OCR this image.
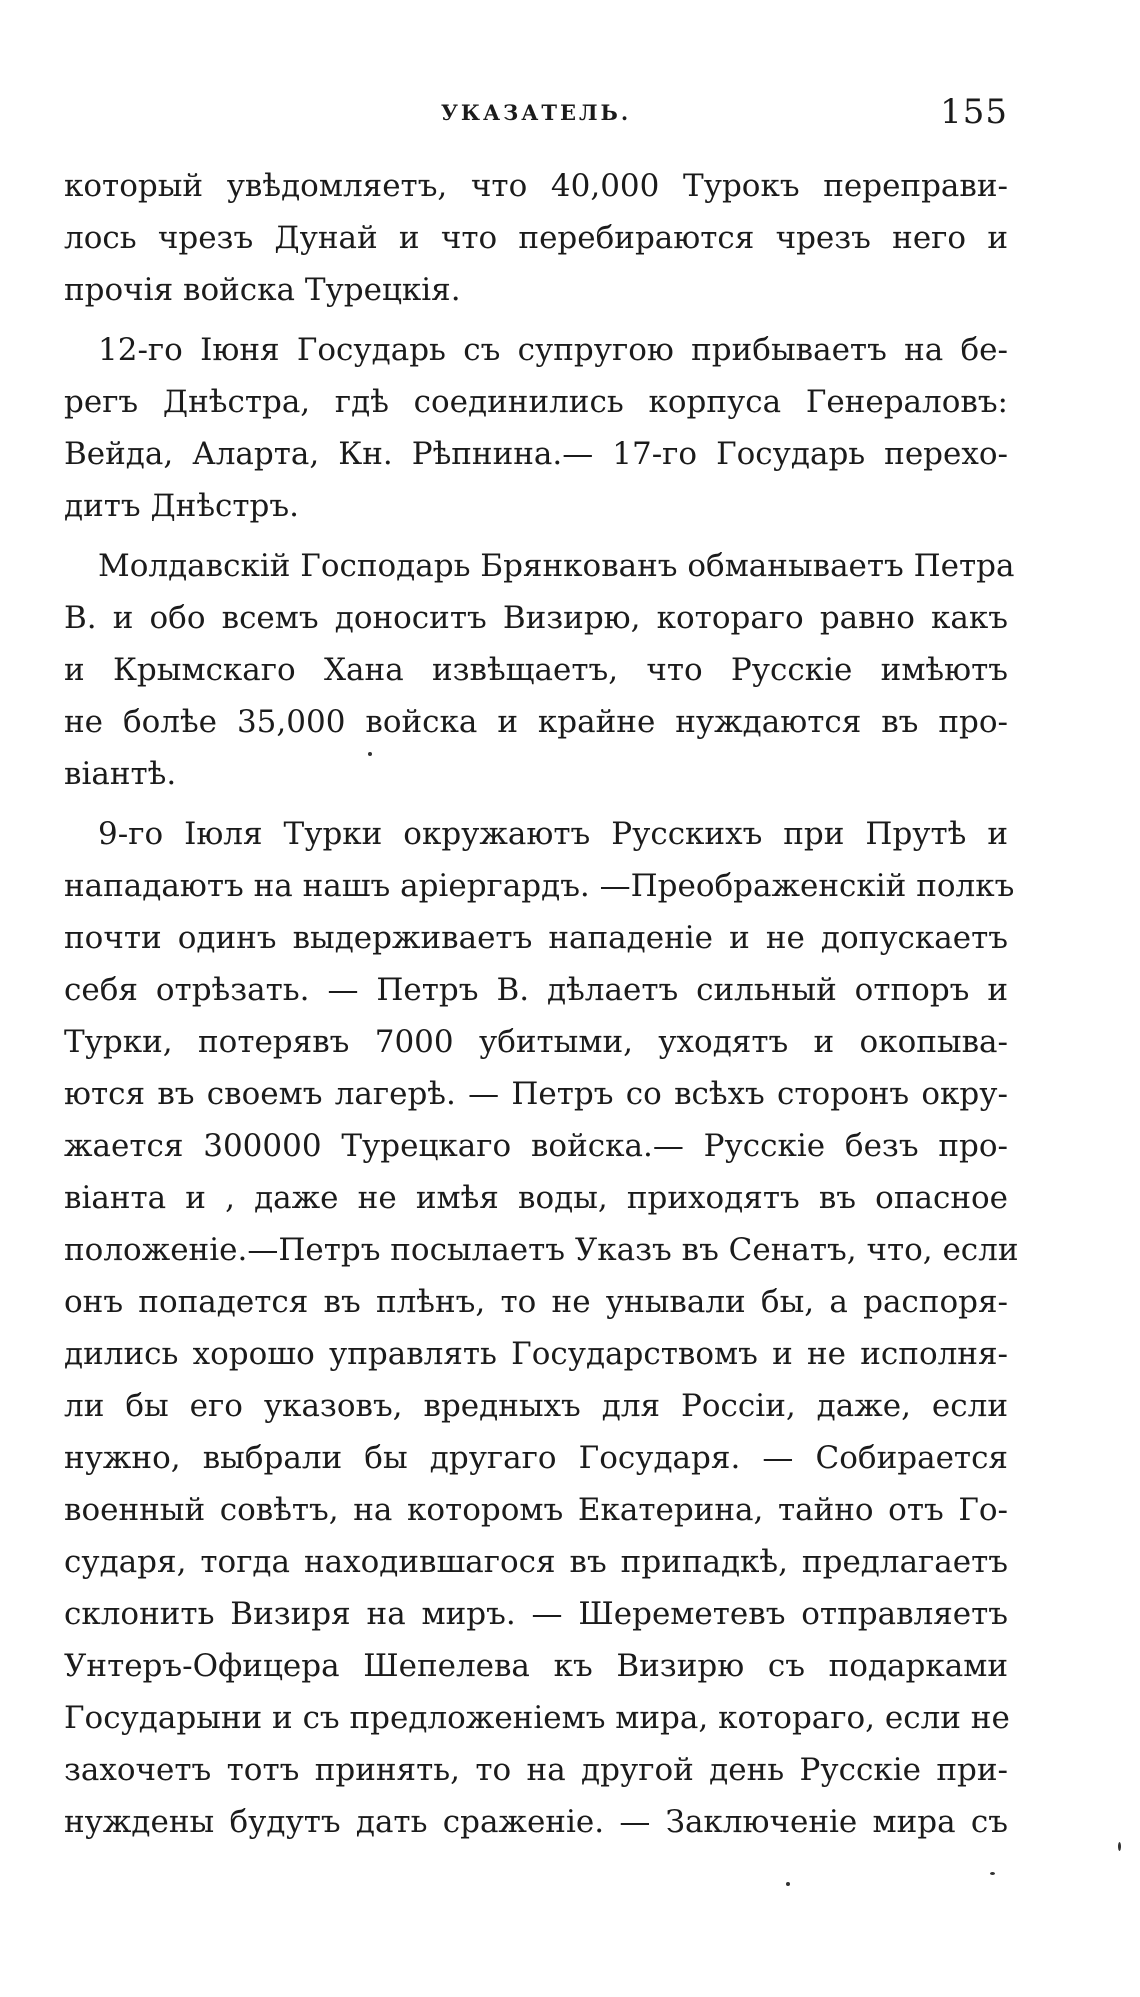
УКАЗАТЕЛЬ.	155
который увѣдомляетъ, что 40,000 Турокъ переправи-
лось чрезъ Дунай и что перебираются чрезъ него и
прочія войска Турецкія.
12-го Іюня Государь съ супругою прибываетъ на бе-
регъ Днѣстра, гдѣ соединились корпуса Генераловъ:
Вейда, Аларта, Кн. Рѣпнина.— 17-го Государь перехо-
дитъ Днѣстръ.
Молдавскій Господарь Брянкованъ обманываетъ Петра
В. и обо всемъ доноситъ Визирю, котораго равно какъ
и Крымскаго Хана извѣщаетъ, что Русскіе имѣютъ
не болѣе 35,000 войска и крайне нуждаются въ про-
віантѣ.
9-го Іюля Турки окружаютъ Русскихъ при Прутѣ и
нападаютъ на нашъ аріергардъ. —Преображенскій полкъ
почти одинъ выдерживаетъ нападеніе и не допускаетъ
себя отрѣзать. — Петръ В. дѣлаетъ сильный отпоръ и
Турки, потерявъ 7000 убитыми, уходятъ и окопыва-
ются въ своемъ лагерѣ. — Петръ со всѣхъ сторонъ окру-
жается 300000 Турецкаго войска.— Русскіе безъ про-
віанта и , даже не имѣя воды, приходятъ въ опасное
положеніе.—Петръ посылаетъ Указъ въ Сенатъ, что, если
онъ попадется въ плѣнъ, то не унывали бы, а распоря-
дились хорошо управлять Государствомъ и не исполня-
ли бы его указовъ, вредныхъ для Россіи, даже, если
нужно, выбрали бы другаго Государя. — Собирается
военный совѣтъ, на которомъ Екатерина, тайно отъ Го-
сударя, тогда находившагося въ припадкѣ, предлагаетъ
склонить Визиря на миръ. — Шереметевъ отправляетъ
Унтеръ-Офицера Шепелева къ Визирю съ подарками
Государыни и съ предложеніемъ мира, котораго, если не
захочетъ тотъ принять, то на другой день Русскіе при-
нуждены будутъ дать сраженіе. — Заключеніе мира съ
